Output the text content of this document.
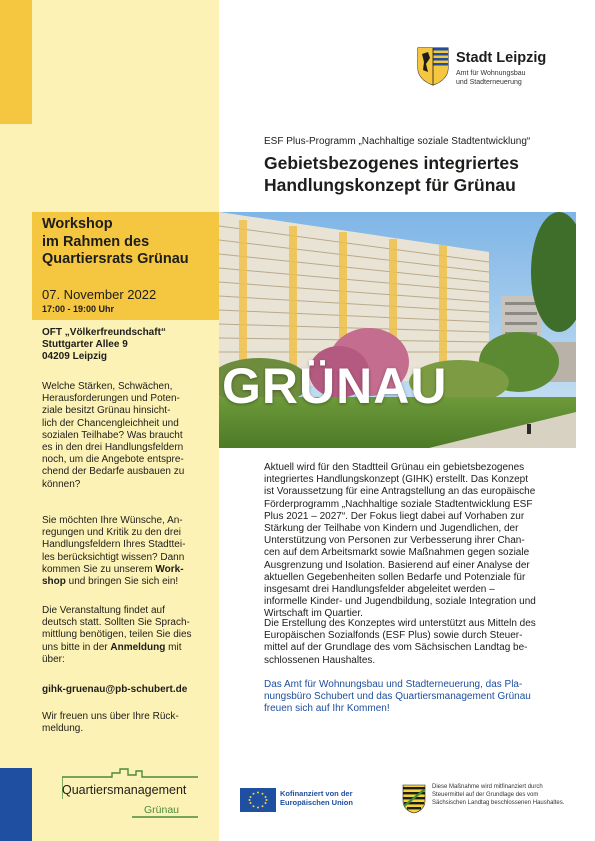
Stadt Leipzig
Amt für Wohnungsbau
und Stadterneuerung
ESF Plus-Programm „Nachhaltige soziale Stadtentwicklung“
Gebietsbezogenes integriertes
Handlungskonzept für Grünau
Workshop
im Rahmen des
Quartiersrats Grünau
07. November 2022
17:00 - 19:00 Uhr
OFT „Völkerfreundschaft“
Stuttgarter Allee 9
04209 Leipzig
Welche Stärken, Schwächen,
Herausforderungen und Poten-
ziale besitzt Grünau hinsicht-
lich der Chancengleichheit und
sozialen Teilhabe? Was braucht
es in den drei Handlungsfeldern
noch, um die Angebote entspre-
chend der Bedarfe ausbauen zu
können?
Sie möchten Ihre Wünsche, An-
regungen und Kritik zu den drei
Handlungsfeldern Ihres Stadttei-
les berücksichtigt wissen? Dann
kommen Sie zu unserem Work-
shop und bringen Sie sich ein!
Die Veranstaltung findet auf
deutsch statt. Sollten Sie Sprach-
mittlung benötigen, teilen Sie dies
uns bitte in der Anmeldung mit
über:
gihk-gruenau@pb-schubert.de
Wir freuen uns über Ihre Rück-
meldung.
GRÜNAU
Aktuell wird für den Stadtteil Grünau ein gebietsbezogenes
integriertes Handlungskonzept (GIHK) erstellt. Das Konzept
ist Voraussetzung für eine Antragstellung an das europäische
Förderprogramm „Nachhaltige soziale Stadtentwicklung ESF
Plus 2021 – 2027“. Der Fokus liegt dabei auf Vorhaben zur
Stärkung der Teilhabe von Kindern und Jugendlichen, der
Unterstützung von Personen zur Verbesserung ihrer Chan-
cen auf dem Arbeitsmarkt sowie Maßnahmen gegen soziale
Ausgrenzung und Isolation. Basierend auf einer Analyse der
aktuellen Gegebenheiten sollen Bedarfe und Potenziale für
insgesamt drei Handlungsfelder abgeleitet werden –
informelle Kinder- und Jugendbildung, soziale Integration und
Wirtschaft im Quartier.
Die Erstellung des Konzeptes wird unterstützt aus Mitteln des
Europäischen Sozialfonds (ESF Plus) sowie durch Steuer-
mittel auf der Grundlage des vom Sächsischen Landtag be-
schlossenen Haushaltes.
Das Amt für Wohnungsbau und Stadterneuerung, das Pla-
nungsbüro Schubert und das Quartiersmanagement Grünau
freuen sich auf Ihr Kommen!
Quartiersmanagement
Grünau
Kofinanziert von der
Europäischen Union
Diese Maßnahme wird mitfinanziert durch
Steuermittel auf der Grundlage des vom
Sächsischen Landtag beschlossenen Haushaltes.
